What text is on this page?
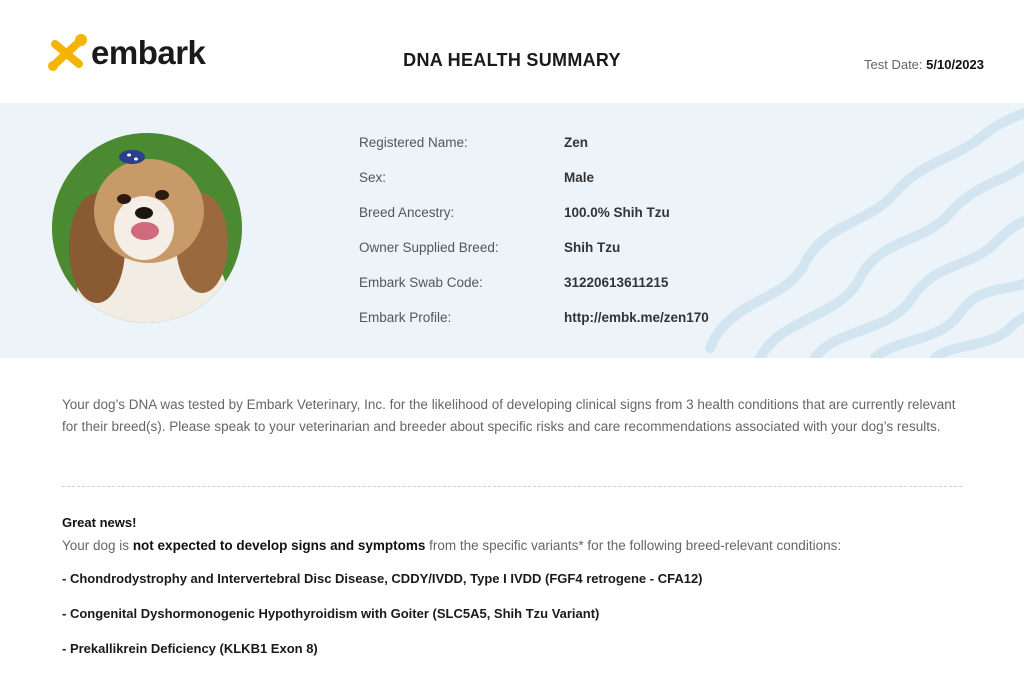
embark	DNA HEALTH SUMMARY	Test Date: 5/10/2023
Registered Name:	Zen
Sex:	Male
Breed Ancestry:	100.0% Shih Tzu
Owner Supplied Breed:	Shih Tzu
Embark Swab Code:	31220613611215
Embark Profile:	http://embk.me/zen170
Your dog’s DNA was tested by Embark Veterinary, Inc. for the likelihood of developing clinical signs from 3 health conditions that are currently relevant for their breed(s). Please speak to your veterinarian and breeder about specific risks and care recommendations associated with your dog’s results.
Great news!
Your dog is not expected to develop signs and symptoms from the specific variants* for the following breed-relevant conditions:
- Chondrodystrophy and Intervertebral Disc Disease, CDDY/IVDD, Type I IVDD (FGF4 retrogene - CFA12)
- Congenital Dyshormonogenic Hypothyroidism with Goiter (SLC5A5, Shih Tzu Variant)
- Prekallikrein Deficiency (KLKB1 Exon 8)
